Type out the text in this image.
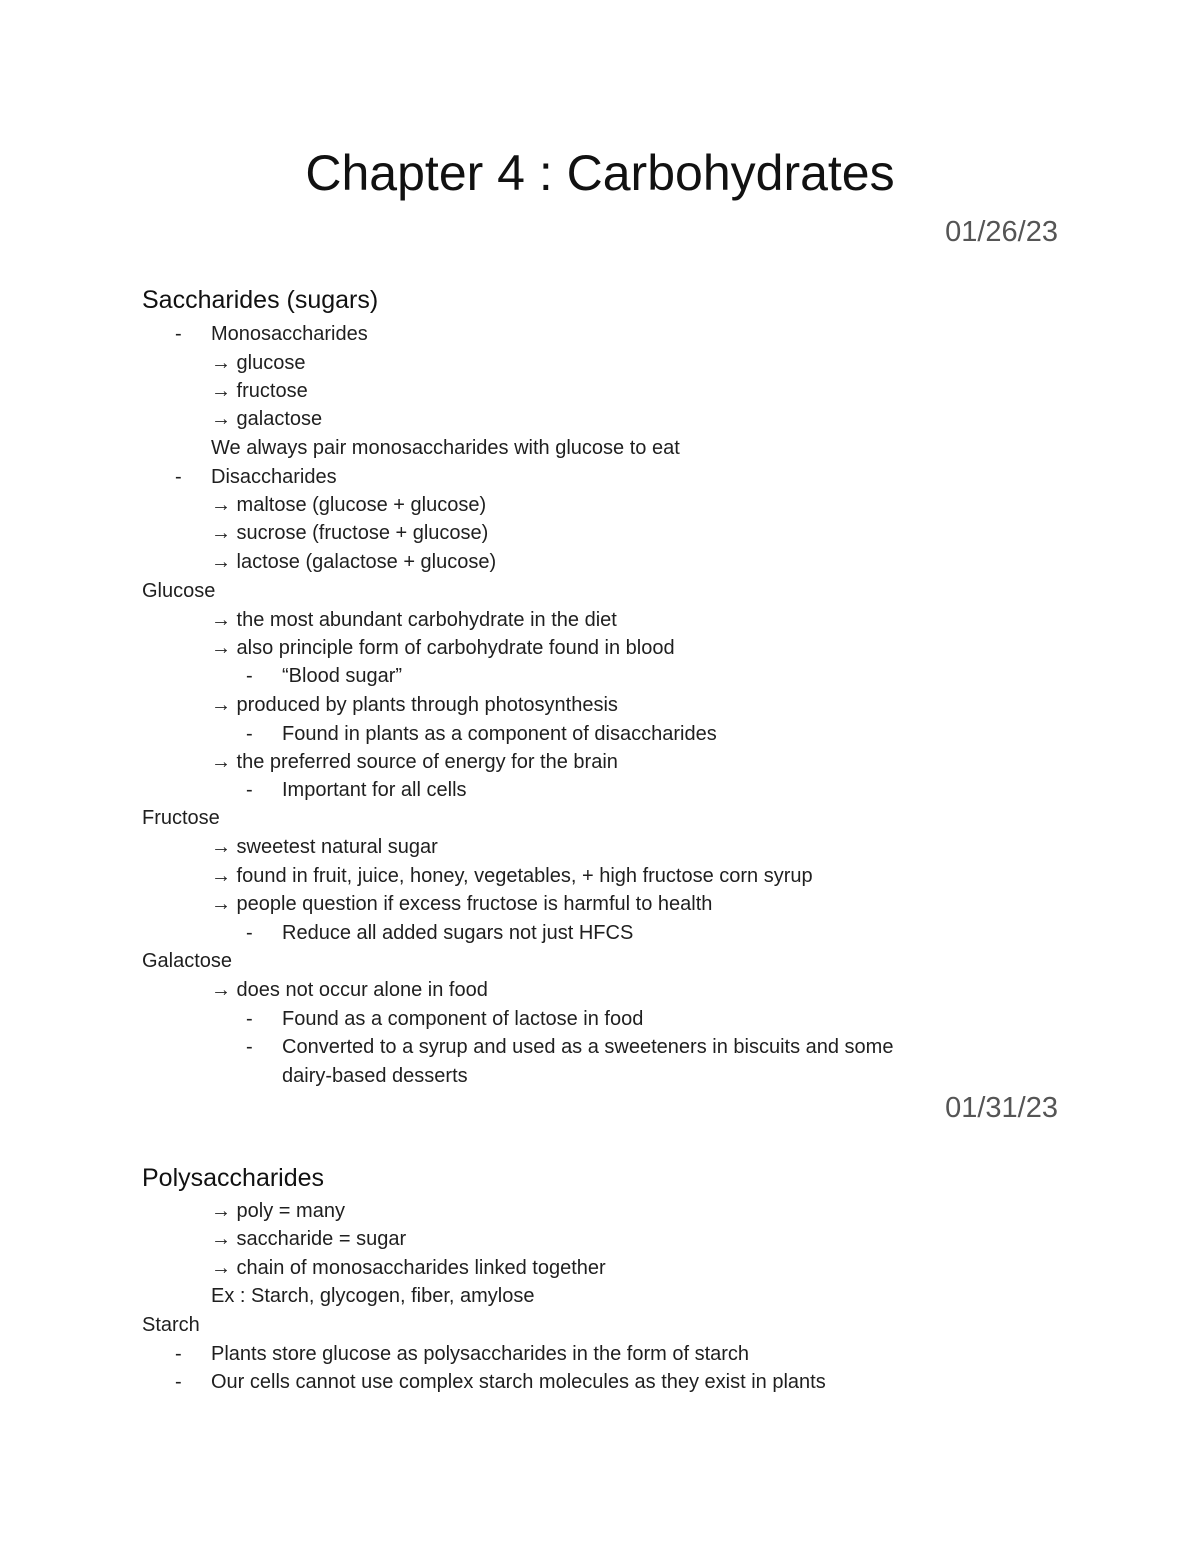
Chapter 4 : Carbohydrates
01/26/23
Saccharides (sugars)
- Monosaccharides
→ glucose
→ fructose
→ galactose
We always pair monosaccharides with glucose to eat
- Disaccharides
→ maltose (glucose + glucose)
→ sucrose (fructose + glucose)
→ lactose (galactose + glucose)
Glucose
→ the most abundant carbohydrate in the diet
→ also principle form of carbohydrate found in blood
- “Blood sugar”
→ produced by plants through photosynthesis
- Found in plants as a component of disaccharides
→ the preferred source of energy for the brain
- Important for all cells
Fructose
→ sweetest natural sugar
→ found in fruit, juice, honey, vegetables, + high fructose corn syrup
→ people question if excess fructose is harmful to health
- Reduce all added sugars not just HFCS
Galactose
→ does not occur alone in food
- Found as a component of lactose in food
- Converted to a syrup and used as a sweeteners in biscuits and some
dairy-based desserts
01/31/23
Polysaccharides
→ poly = many
→ saccharide = sugar
→ chain of monosaccharides linked together
Ex : Starch, glycogen, fiber, amylose
Starch
- Plants store glucose as polysaccharides in the form of starch
- Our cells cannot use complex starch molecules as they exist in plants
